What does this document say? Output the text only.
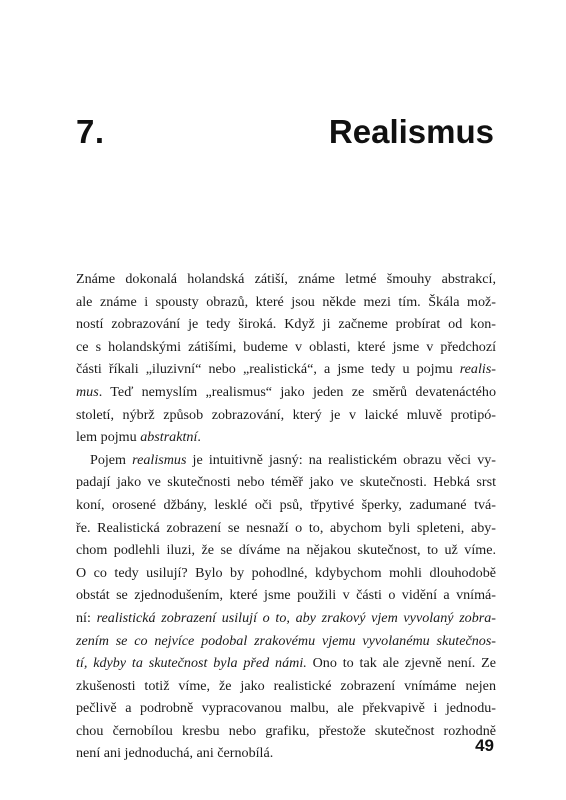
7.	Realismus
Známe dokonalá holandská zátiší, známe letmé šmouhy abstrakcí,
ale známe i spousty obrazů, které jsou někde mezi tím. Škála mož-
ností zobrazování je tedy široká. Když ji začneme probírat od kon-
ce s holandskými zátišími, budeme v oblasti, které jsme v předchozí
části říkali „iluzivní“ nebo „realistická“, a jsme tedy u pojmu realis-
mus. Teď nemyslím „realismus“ jako jeden ze směrů devatenáctého
století, nýbrž způsob zobrazování, který je v laické mluvě protipó-
lem pojmu abstraktní.
Pojem realismus je intuitivně jasný: na realistickém obrazu věci vy-
padají jako ve skutečnosti nebo téměř jako ve skutečnosti. Hebká srst
koní, orosené džbány, lesklé oči psů, třpytivé šperky, zadumané tvá-
ře. Realistická zobrazení se nesnaží o to, abychom byli spleteni, aby-
chom podlehli iluzi, že se díváme na nějakou skutečnost, to už víme.
O co tedy usilují? Bylo by pohodlné, kdybychom mohli dlouhodobě
obstát se zjednodušením, které jsme použili v části o vidění a vnímá-
ní: realistická zobrazení usilují o to, aby zrakový vjem vyvolaný zobra-
zením se co nejvíce podobal zrakovému vjemu vyvolanému skutečnos-
tí, kdyby ta skutečnost byla před námi. Ono to tak ale zjevně není. Ze
zkušenosti totiž víme, že jako realistické zobrazení vnímáme nejen
pečlivě a podrobně vypracovanou malbu, ale překvapivě i jednodu-
chou černobílou kresbu nebo grafiku, přestože skutečnost rozhodně
není ani jednoduchá, ani černobílá.	49
